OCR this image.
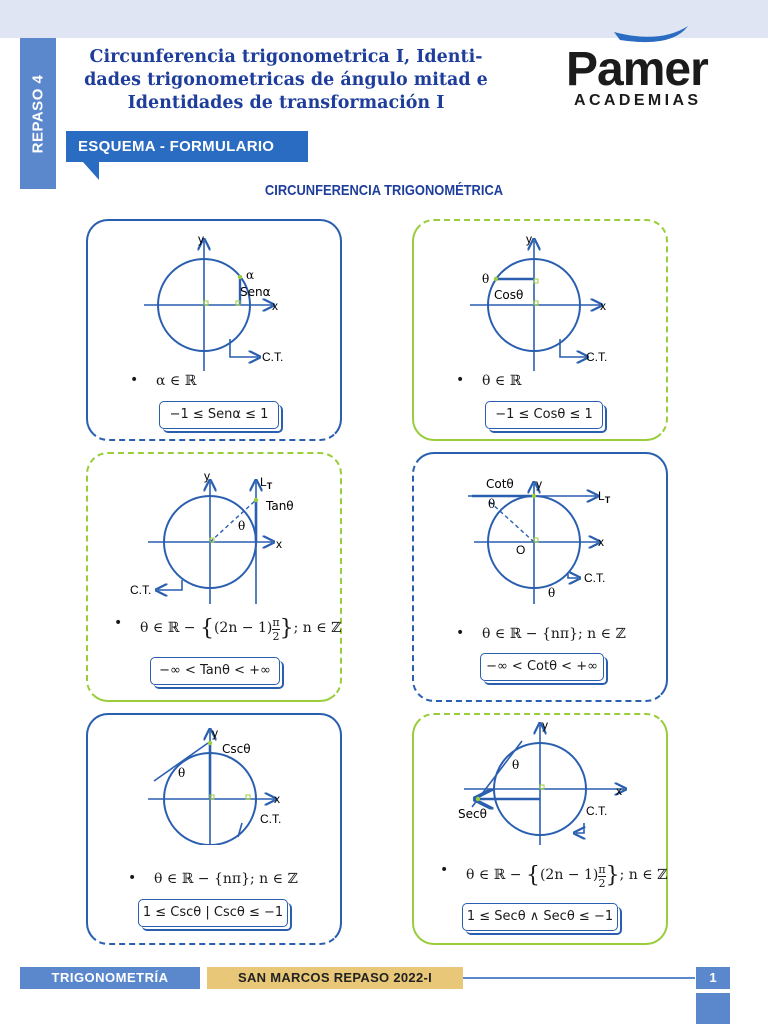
REPASO 4
Circunferencia trigonometrica I, Identi-
dades trigonometricas de ángulo mitad e
Identidades de transformación I
Pamer
ACADEMIAS
ESQUEMA - FORMULARIO
CIRCUNFERENCIA TRIGONOMÉTRICA
y
x
α
Senα
C.T.
• α ∈ ℝ
−1 ≤ Senα ≤ 1
y
x
θ
Cosθ
C.T.
• θ ∈ ℝ
−1 ≤ Cosθ ≤ 1
y
x
$L_T$
θ
Tanθ
C.T.
• θ ∈ ℝ − {$(2n - 1) \frac{\pi}{2}$ }; n ∈ ℤ
−∞ < Tanθ < +∞
y
x
$L_T$
Cotθ
θ
O
θ
C.T.
• θ ∈ ℝ − {nπ}; n ∈ ℤ
−∞ < Cotθ < +∞
y
x
θ
Cscθ
C.T.
• θ ∈ ℝ − {nπ}; n ∈ ℤ
1 ≤ Cscθ | Cscθ ≤ −1
y
x
θ
Secθ	C.T.
• θ ∈ ℝ − {$(2n - 1) \frac{\pi}{2}$ }; n ∈ ℤ
1 ≤ Secθ ∧ Secθ ≤ −1
TRIGONOMETRÍA	SAN MARCOS REPASO 2022-I	1
